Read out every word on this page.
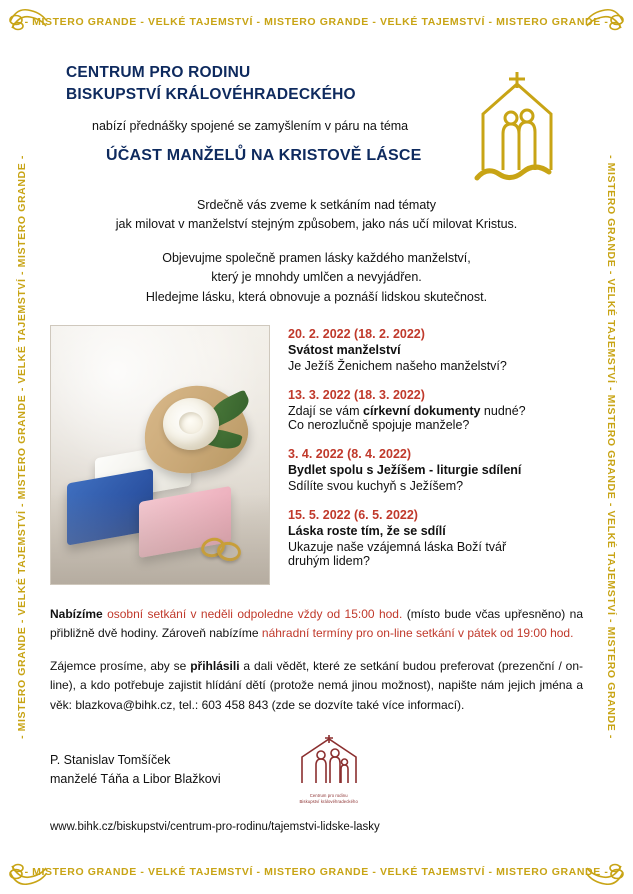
- MISTERO GRANDE - VELKÉ TAJEMSTVÍ - MISTERO GRANDE - VELKÉ TAJEMSTVÍ - MISTERO GRANDE -
- MISTERO GRANDE - VELKÉ TAJEMSTVÍ - MISTERO GRANDE - VELKÉ TAJEMSTVÍ - MISTERO GRANDE -
- MISTERO GRANDE - VELKÉ TAJEMSTVÍ - MISTERO GRANDE - VELKÉ TAJEMSTVÍ - MISTERO GRANDE -	- MISTERO GRANDE - VELKÉ TAJEMSTVÍ - MISTERO GRANDE - VELKÉ TAJEMSTVÍ - MISTERO GRANDE -
CENTRUM PRO RODINU
BISKUPSTVÍ KRÁLOVÉHRADECKÉHO
nabízí přednášky spojené se zamyšlením v páru na téma
ÚČAST MANŽELŮ NA KRISTOVĚ LÁSCE
Srdečně vás zveme k setkáním nad tématy
jak milovat v manželství stejným způsobem, jako nás učí milovat Kristus.
Objevujme společně pramen lásky každého manželství,
který je mnohdy umlčen a nevyjádřen.
Hledejme lásku, která obnovuje a poznáší lidskou skutečnost.
20. 2. 2022 (18. 2. 2022)
Svátost manželství
Je Ježíš Ženichem našeho manželství?
13. 3. 2022 (18. 3. 2022)
Zdají se vám církevní dokumenty nudné?
Co nerozlučně spojuje manžele?
3. 4. 2022 (8. 4. 2022)
Bydlet spolu s Ježíšem - liturgie sdílení
Sdílíte svou kuchyň s Ježíšem?
15. 5. 2022 (6. 5. 2022)
Láska roste tím, že se sdílí
Ukazuje naše vzájemná láska Boží tvář
druhým lidem?
Nabízíme osobní setkání v neděli odpoledne vždy od 15:00 hod. (místo bude včas upřesněno) na přibližně dvě hodiny. Zároveň nabízíme náhradní termíny pro on-line setkání v pátek od 19:00 hod.
Zájemce prosíme, aby se přihlásili a dali vědět, které ze setkání budou preferovat (prezenční / on-line), a kdo potřebuje zajistit hlídání dětí (protože nemá jinou možnost), napište nám jejich jména a věk: blazkova@bihk.cz, tel.: 603 458 843 (zde se dozvíte také více informací).
P. Stanislav Tomšíček
manželé Táňa a Libor Blažkovi
Centrum pro rodinu
Biskupství královéhradeckého
www.bihk.cz/biskupstvi/centrum-pro-rodinu/tajemstvi-lidske-lasky
